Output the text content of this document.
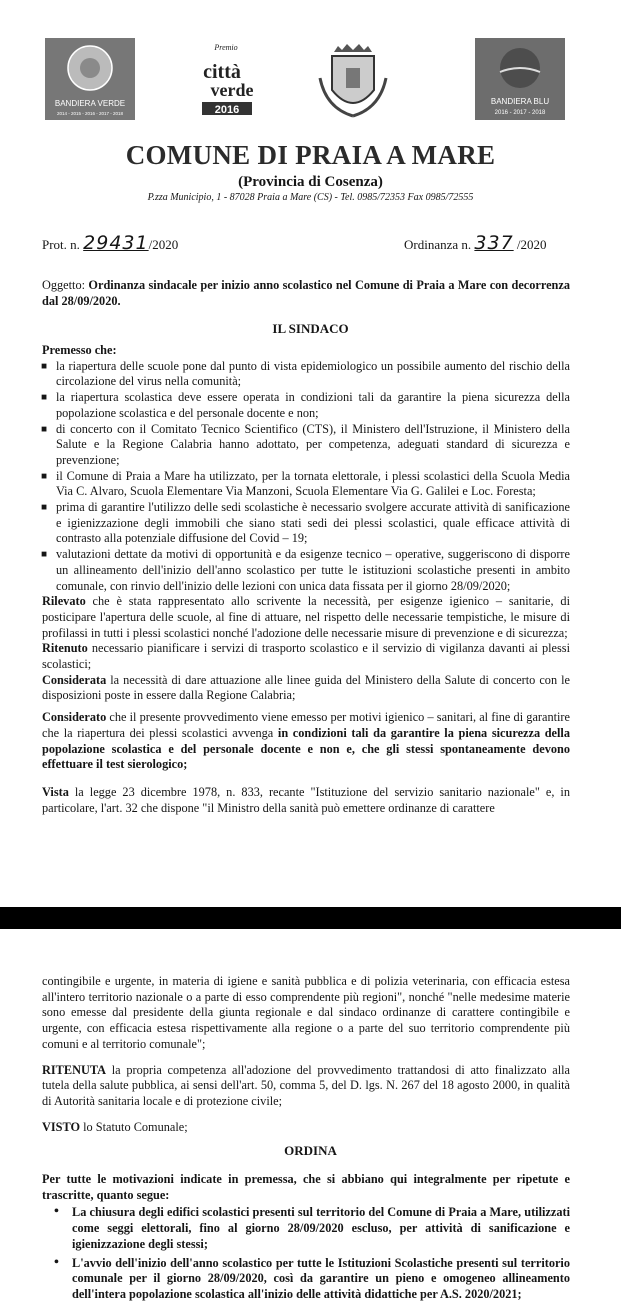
BANDIERA VERDE
2014 - 2015 - 2016 - 2017 - 2018
Premio
città
verde
2016
BANDIERA BLU
2016 - 2017 - 2018
COMUNE DI PRAIA A MARE
(Provincia di Cosenza)
P.zza Municipio, 1 - 87028 Praia a Mare (CS) - Tel. 0985/72353 Fax 0985/72555
Prot. n. 29431/2020	Ordinanza n. 337 /2020
Oggetto: Ordinanza sindacale per inizio anno scolastico nel Comune di Praia a Mare con decorrenza dal 28/09/2020.
IL SINDACO
Premesso che:
■ la riapertura delle scuole pone dal punto di vista epidemiologico un possibile aumento del rischio della circolazione del virus nella comunità;
■ la riapertura scolastica deve essere operata in condizioni tali da garantire la piena sicurezza della popolazione scolastica e del personale docente e non;
■ di concerto con il Comitato Tecnico Scientifico (CTS), il Ministero dell'Istruzione, il Ministero della Salute e la Regione Calabria hanno adottato, per competenza, adeguati standard di sicurezza e prevenzione;
■ il Comune di Praia a Mare ha utilizzato, per la tornata elettorale, i plessi scolastici della Scuola Media Via C. Alvaro, Scuola Elementare Via Manzoni, Scuola Elementare Via G. Galilei e Loc. Foresta;
■ prima di garantire l'utilizzo delle sedi scolastiche è necessario svolgere accurate attività di sanificazione e igienizzazione degli immobili che siano stati sedi dei plessi scolastici, quale efficace attività di contrasto alla potenziale diffusione del Covid – 19;
■ valutazioni dettate da motivi di opportunità e da esigenze tecnico – operative, suggeriscono di disporre un allineamento dell'inizio dell'anno scolastico per tutte le istituzioni scolastiche presenti in ambito comunale, con rinvio dell'inizio delle lezioni con unica data fissata per il giorno 28/09/2020;

Rilevato che è stata rappresentato allo scrivente la necessità, per esigenze igienico – sanitarie, di posticipare l'apertura delle scuole, al fine di attuare, nel rispetto delle necessarie tempistiche, le misure di profilassi in tutti i plessi scolastici nonché l'adozione delle necessarie misure di prevenzione e di sicurezza;

Ritenuto necessario pianificare i servizi di trasporto scolastico e il servizio di vigilanza davanti ai plessi scolastici;

Considerata la necessità di dare attuazione alle linee guida del Ministero della Salute di concerto con le disposizioni poste in essere dalla Regione Calabria;

Considerato che il presente provvedimento viene emesso per motivi igienico – sanitari, al fine di garantire che la riapertura dei plessi scolastici avvenga in condizioni tali da garantire la piena sicurezza della popolazione scolastica e del personale docente e non e, che gli stessi spontaneamente devono effettuare il test sierologico;

Vista la legge 23 dicembre 1978, n. 833, recante "Istituzione del servizio sanitario nazionale" e, in particolare, l'art. 32 che dispone "il Ministro della sanità può emettere ordinanze di carattere

contingibile e urgente, in materia di igiene e sanità pubblica e di polizia veterinaria, con efficacia estesa all'intero territorio nazionale o a parte di esso comprendente più regioni", nonché "nelle medesime materie sono emesse dal presidente della giunta regionale e dal sindaco ordinanze di carattere contingibile e urgente, con efficacia estesa rispettivamente alla regione o a parte del suo territorio comprendente più comuni e al territorio comunale";

RITENUTA la propria competenza all'adozione del provvedimento trattandosi di atto finalizzato alla tutela della salute pubblica, ai sensi dell'art. 50, comma 5, del D. lgs. N. 267 del 18 agosto 2000, in qualità di Autorità sanitaria locale e di protezione civile;

VISTO lo Statuto Comunale;

ORDINA

Per tutte le motivazioni indicate in premessa, che si abbiano qui integralmente per ripetute e trascritte, quanto segue:

• La chiusura degli edifici scolastici presenti sul territorio del Comune di Praia a Mare, utilizzati come seggi elettorali, fino al giorno 28/09/2020 escluso, per attività di sanificazione e igienizzazione degli stessi;
• L'avvio dell'inizio dell'anno scolastico per tutte le Istituzioni Scolastiche presenti sul territorio comunale per il giorno 28/09/2020, così da garantire un pieno e omogeneo allineamento dell'intera popolazione scolastica all'inizio delle attività didattiche per A.S. 2020/2021;
